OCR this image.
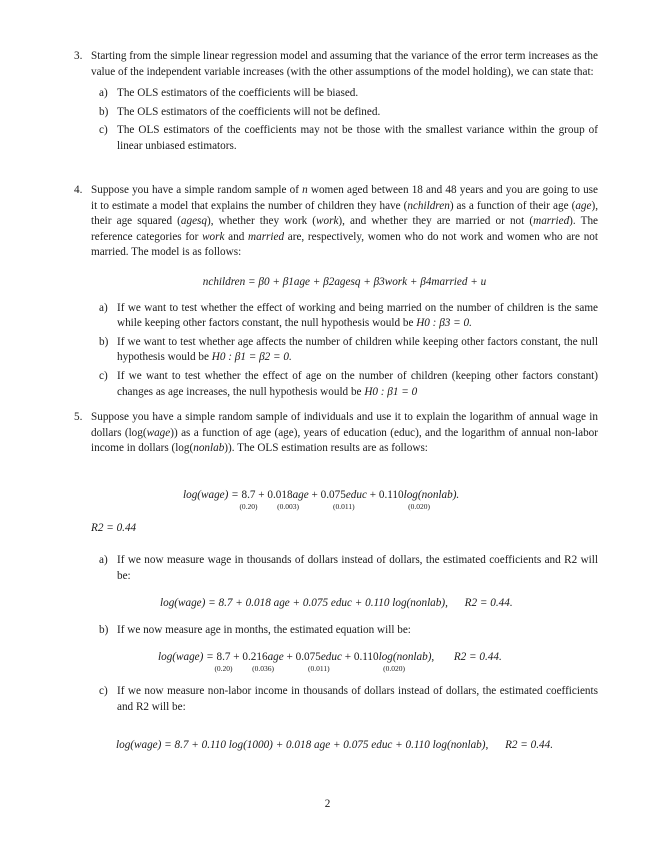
3. Starting from the simple linear regression model and assuming that the variance of the error term increases as the value of the independent variable increases (with the other assumptions of the model holding), we can state that:
a) The OLS estimators of the coefficients will be biased.
b) The OLS estimators of the coefficients will not be defined.
c) The OLS estimators of the coefficients may not be those with the smallest variance within the group of linear unbiased estimators.
4. Suppose you have a simple random sample of n women aged between 18 and 48 years and you are going to use it to estimate a model that explains the number of children they have (nchildren) as a function of their age (age), their age squared (agesq), whether they work (work), and whether they are married or not (married). The reference categories for work and married are, respectively, women who do not work and women who are not married. The model is as follows:
nchildren = β0 + β1age + β2agesq + β3work + β4married + u
a) If we want to test whether the effect of working and being married on the number of children is the same while keeping other factors constant, the null hypothesis would be H0 : β3 = 0.
b) If we want to test whether age affects the number of children while keeping other factors constant, the null hypothesis would be H0 : β1 = β2 = 0.
c) If we want to test whether the effect of age on the number of children (keeping other factors constant) changes as age increases, the null hypothesis would be H0 : β1 = 0
5. Suppose you have a simple random sample of individuals and use it to explain the logarithm of annual wage in dollars (log(wage)) as a function of age (age), years of education (educ), and the logarithm of annual non-labor income in dollars (log(nonlab)). The OLS estimation results are as follows:
log(wage) = 8.7
(0.20)
+ 0.018age
(0.003)
+ 0.075educ
(0.011)
+ 0.110log(nonlab).
(0.020)
R2 = 0.44
a) If we now measure wage in thousands of dollars instead of dollars, the estimated coefficients and R2 will be:
log(wage) = 8.7 + 0.018 age + 0.075 educ + 0.110 log(nonlab), R2 = 0.44.
b) If we now measure age in months, the estimated equation will be:
log(wage) = 8.7
(0.20)
+ 0.216age
(0.036)
+ 0.075educ
(0.011)
+ 0.110log(nonlab),
(0.020)
R2 = 0.44.
c) If we now measure non-labor income in thousands of dollars instead of dollars, the estimated coefficients and R2 will be:
log(wage) = 8.7 + 0.110 log(1000) + 0.018 age + 0.075 educ + 0.110 log(nonlab), R2 = 0.44.
2
